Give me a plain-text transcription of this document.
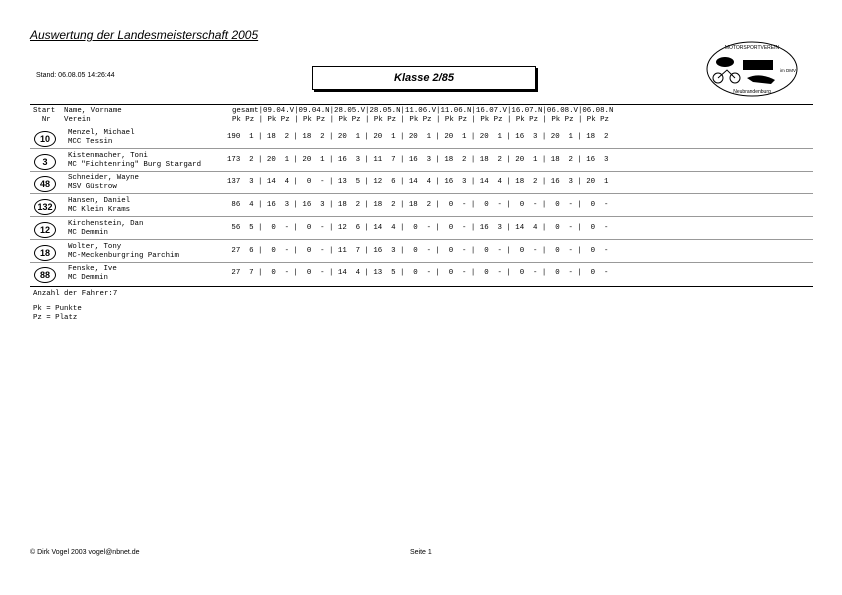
Auswertung der Landesmeisterschaft 2005
Stand: 06.08.05 14:26:44	Klasse 2/85
MOTORSPORTVEREIN
im DMV
Neubrandenburg
Start  Name, Vorname
Nr   Verein
gesamt|09.04.V|09.04.N|28.05.V|28.05.N|11.06.V|11.06.N|16.07.V|16.07.N|06.08.V|06.08.N
Pk Pz | Pk Pz | Pk Pz | Pk Pz | Pk Pz | Pk Pz | Pk Pz | Pk Pz | Pk Pz | Pk Pz | Pk Pz
10
Menzel, Michael
MCC Tessin
190  1 | 18  2 | 18  2 | 20  1 | 20  1 | 20  1 | 20  1 | 20  1 | 16  3 | 20  1 | 18  2
3
Kistenmacher, Toni
MC "Fichtenring" Burg Stargard
173  2 | 20  1 | 20  1 | 16  3 | 11  7 | 16  3 | 18  2 | 18  2 | 20  1 | 18  2 | 16  3
48
Schneider, Wayne
MSV Güstrow
137  3 | 14  4 |  0  - | 13  5 | 12  6 | 14  4 | 16  3 | 14  4 | 18  2 | 16  3 | 20  1
132
Hansen, Daniel
MC Klein Krams
86  4 | 16  3 | 16  3 | 18  2 | 18  2 | 18  2 |  0  - |  0  - |  0  - |  0  - |  0  -
12
Kirchenstein, Dan
MC Demmin
56  5 |  0  - |  0  - | 12  6 | 14  4 |  0  - |  0  - | 16  3 | 14  4 |  0  - |  0  -
18
Wolter, Tony
MC-Meckenburgring Parchim
27  6 |  0  - |  0  - | 11  7 | 16  3 |  0  - |  0  - |  0  - |  0  - |  0  - |  0  -
88
Fenske, Ive
MC Demmin
27  7 |  0  - |  0  - | 14  4 | 13  5 |  0  - |  0  - |  0  - |  0  - |  0  - |  0  -
Anzahl der Fahrer:7
Pk = Punkte
Pz = Platz
© Dirk Vogel 2003 vogel@nbnet.de	Seite 1
